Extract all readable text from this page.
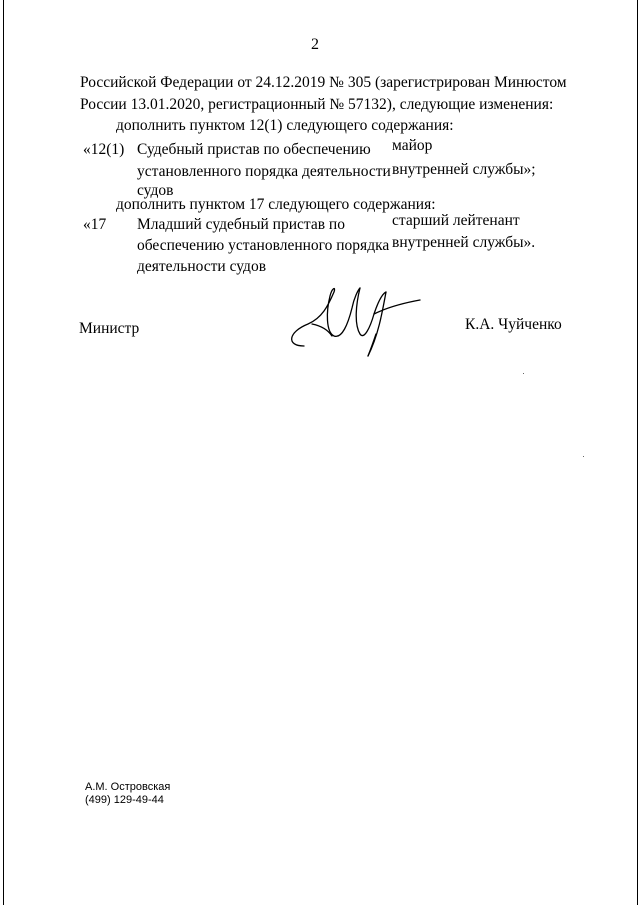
2
Российской Федерации от 24.12.2019 № 305 (зарегистрирован Минюстом
России 13.01.2020, регистрационный № 57132), следующие изменения:
дополнить пунктом 12(1) следующего содержания:
«12(1) Судебный пристав по обеспечению
установленного порядка деятельности
судов
майор
внутренней службы»;
дополнить пунктом 17 следующего содержания:
«17 Младший судебный пристав по
обеспечению установленного порядка
деятельности судов
старший лейтенант
внутренней службы».
Министр	К.А. Чуйченко
А.М. Островская
(499) 129-49-44
